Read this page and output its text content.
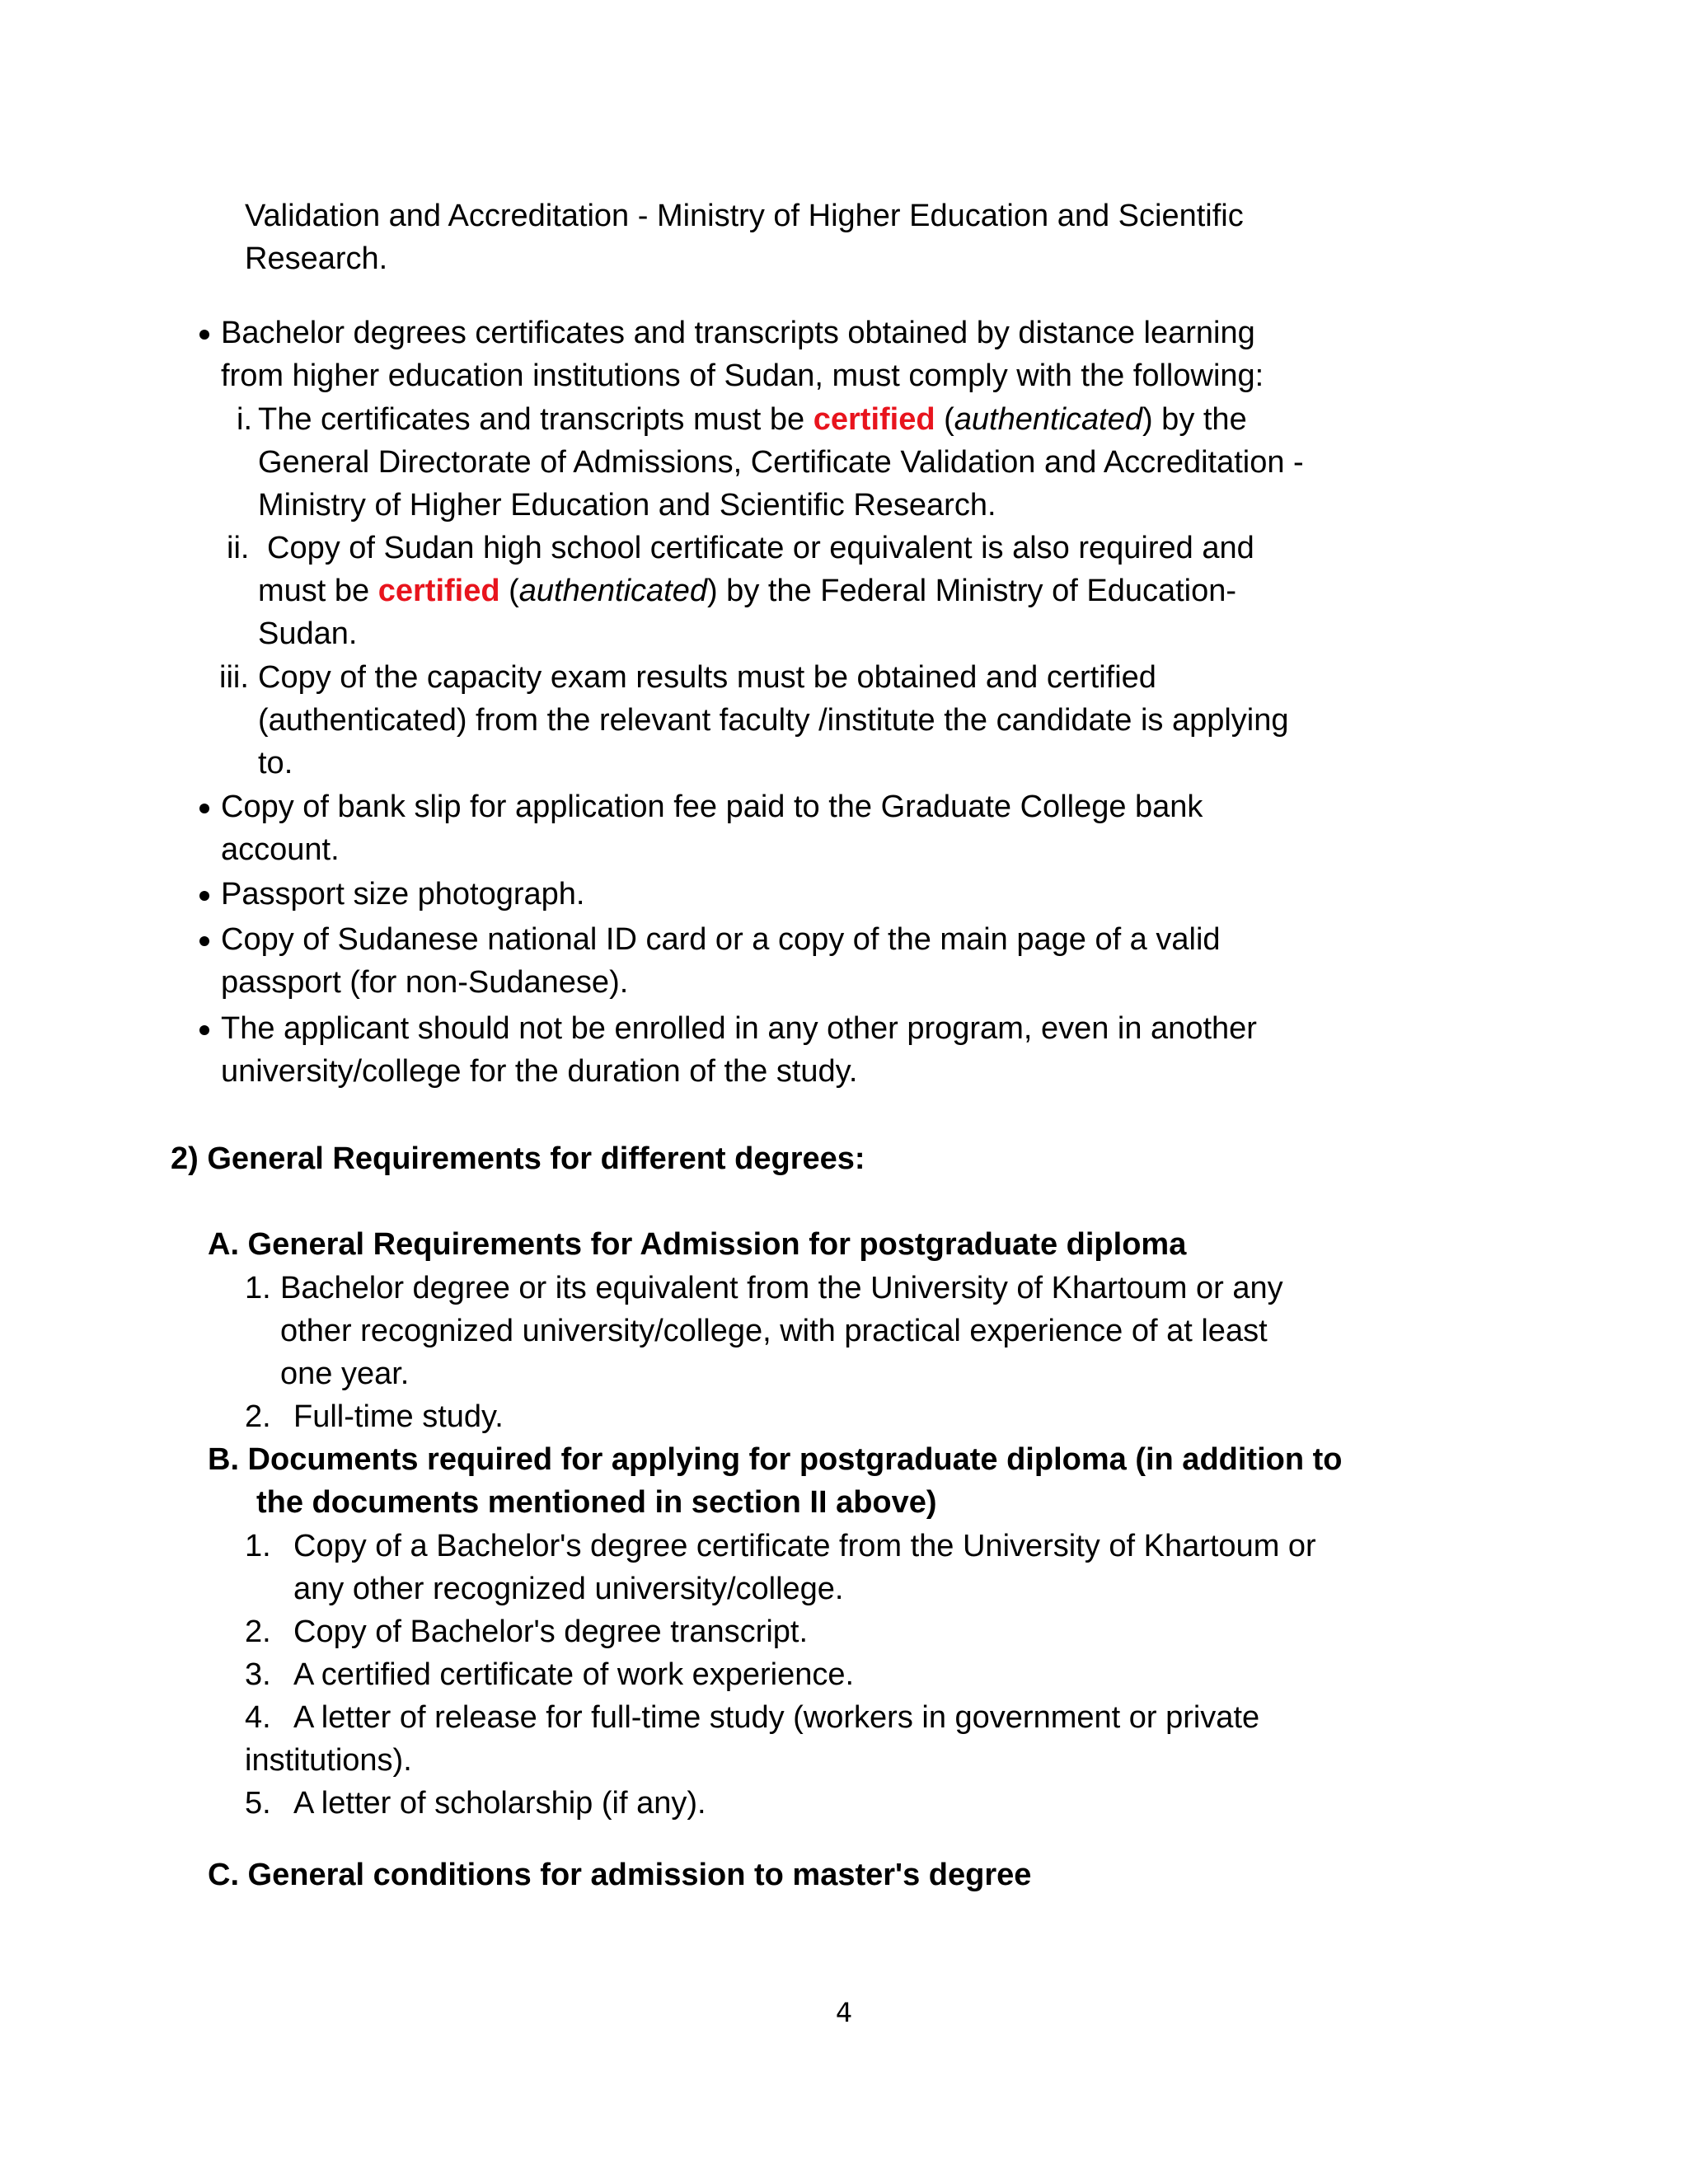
Validation and Accreditation - Ministry of Higher Education and Scientific
Research.
Bachelor degrees certificates and transcripts obtained by distance learning
from higher education institutions of Sudan, must comply with the following:
i. The certificates and transcripts must be certified (authenticated) by the
General Directorate of Admissions, Certificate Validation and Accreditation -
Ministry of Higher Education and Scientific Research.
ii. Copy of Sudan high school certificate or equivalent is also required and
must be certified (authenticated) by the Federal Ministry of Education-
Sudan.
iii. Copy of the capacity exam results must be obtained and certified
(authenticated) from the relevant faculty /institute the candidate is applying
to.
Copy of bank slip for application fee paid to the Graduate College bank
account.
Passport size photograph.
Copy of Sudanese national ID card or a copy of the main page of a valid
passport (for non-Sudanese).
The applicant should not be enrolled in any other program, even in another
university/college for the duration of the study.
2) General Requirements for different degrees:
A. General Requirements for Admission for postgraduate diploma
1. Bachelor degree or its equivalent from the University of Khartoum or any
other recognized university/college, with practical experience of at least
one year.
2. Full-time study.
B. Documents required for applying for postgraduate diploma (in addition to
the documents mentioned in section II above)
1. Copy of a Bachelor's degree certificate from the University of Khartoum or
any other recognized university/college.
2. Copy of Bachelor's degree transcript.
3. A certified certificate of work experience.
4. A letter of release for full-time study (workers in government or private
institutions).
5. A letter of scholarship (if any).
C. General conditions for admission to master's degree
4
